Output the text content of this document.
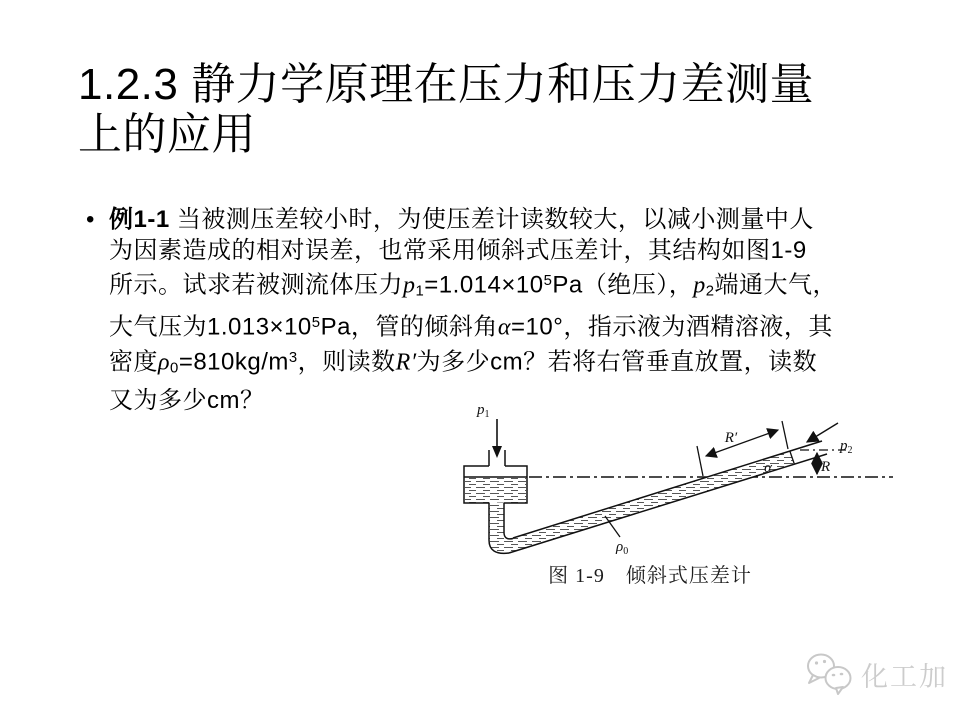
1.2.3 静力学原理在压力和压力差测量
上的应用
• 例1-1 当被测压差较小时，为使压差计读数较大，以减小测量中人
为因素造成的相对误差，也常采用倾斜式压差计，其结构如图1-9
所示。试求若被测流体压力$p1=1.014\times 10^5Pa$（绝压），p2端通大气，
大气压为$1.013\times 10^5Pa$，管的倾斜角α=10°，指示液为酒精溶液，其
密度$\rho 0=810kg/m^3$，则读数R′为多少cm？若将右管垂直放置，读数
又为多少cm？	$p_1$
R′
α	R
$p_2$
$\rho_0$
图 1-9　倾斜式压差计
化工加
